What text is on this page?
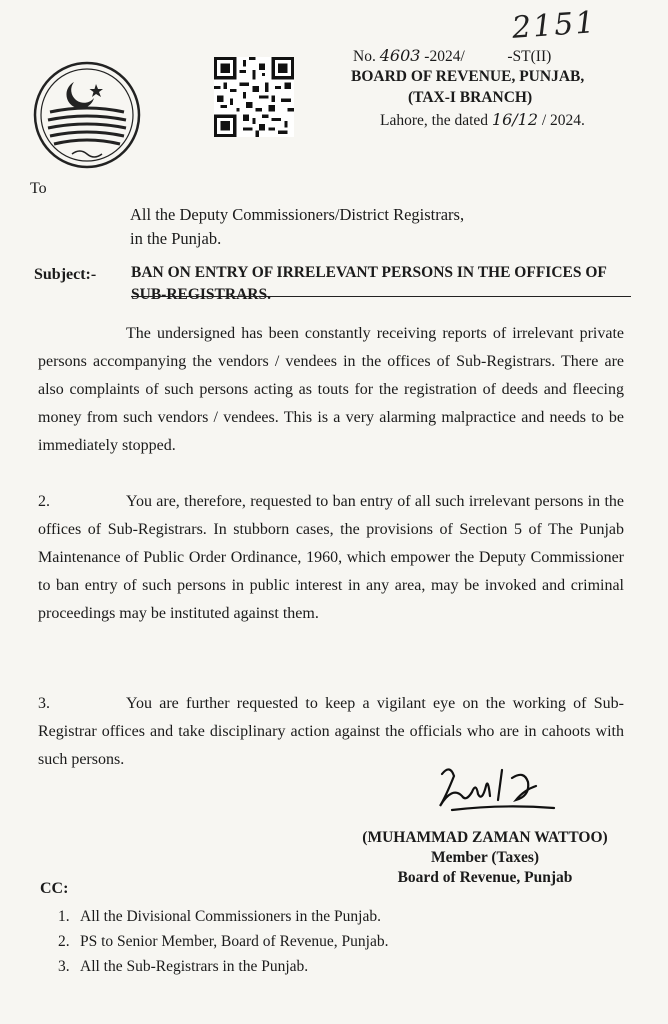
2151
No. 4603 -2024/	-ST(II)
BOARD OF REVENUE, PUNJAB,
(TAX-I BRANCH)
Lahore, the dated 16/12 / 2024.
To
All the Deputy Commissioners/District Registrars,
in the Punjab.
Subject:- BAN ON ENTRY OF IRRELEVANT PERSONS IN THE OFFICES OF SUB-REGISTRARS.
The undersigned has been constantly receiving reports of irrelevant private persons accompanying the vendors / vendees in the offices of Sub-Registrars. There are also complaints of such persons acting as touts for the registration of deeds and fleecing money from such vendors / vendees. This is a very alarming malpractice and needs to be immediately stopped.
2.	You are, therefore, requested to ban entry of all such irrelevant persons in the offices of Sub-Registrars. In stubborn cases, the provisions of Section 5 of The Punjab Maintenance of Public Order Ordinance, 1960, which empower the Deputy Commissioner to ban entry of such persons in public interest in any area, may be invoked and criminal proceedings may be instituted against them.
3.	You are further requested to keep a vigilant eye on the working of Sub-Registrar offices and take disciplinary action against the officials who are in cahoots with such persons.
(MUHAMMAD ZAMAN WATTOO)
Member (Taxes)
Board of Revenue, Punjab
CC:
1. All the Divisional Commissioners in the Punjab.
2. PS to Senior Member, Board of Revenue, Punjab.
3. All the Sub-Registrars in the Punjab.
